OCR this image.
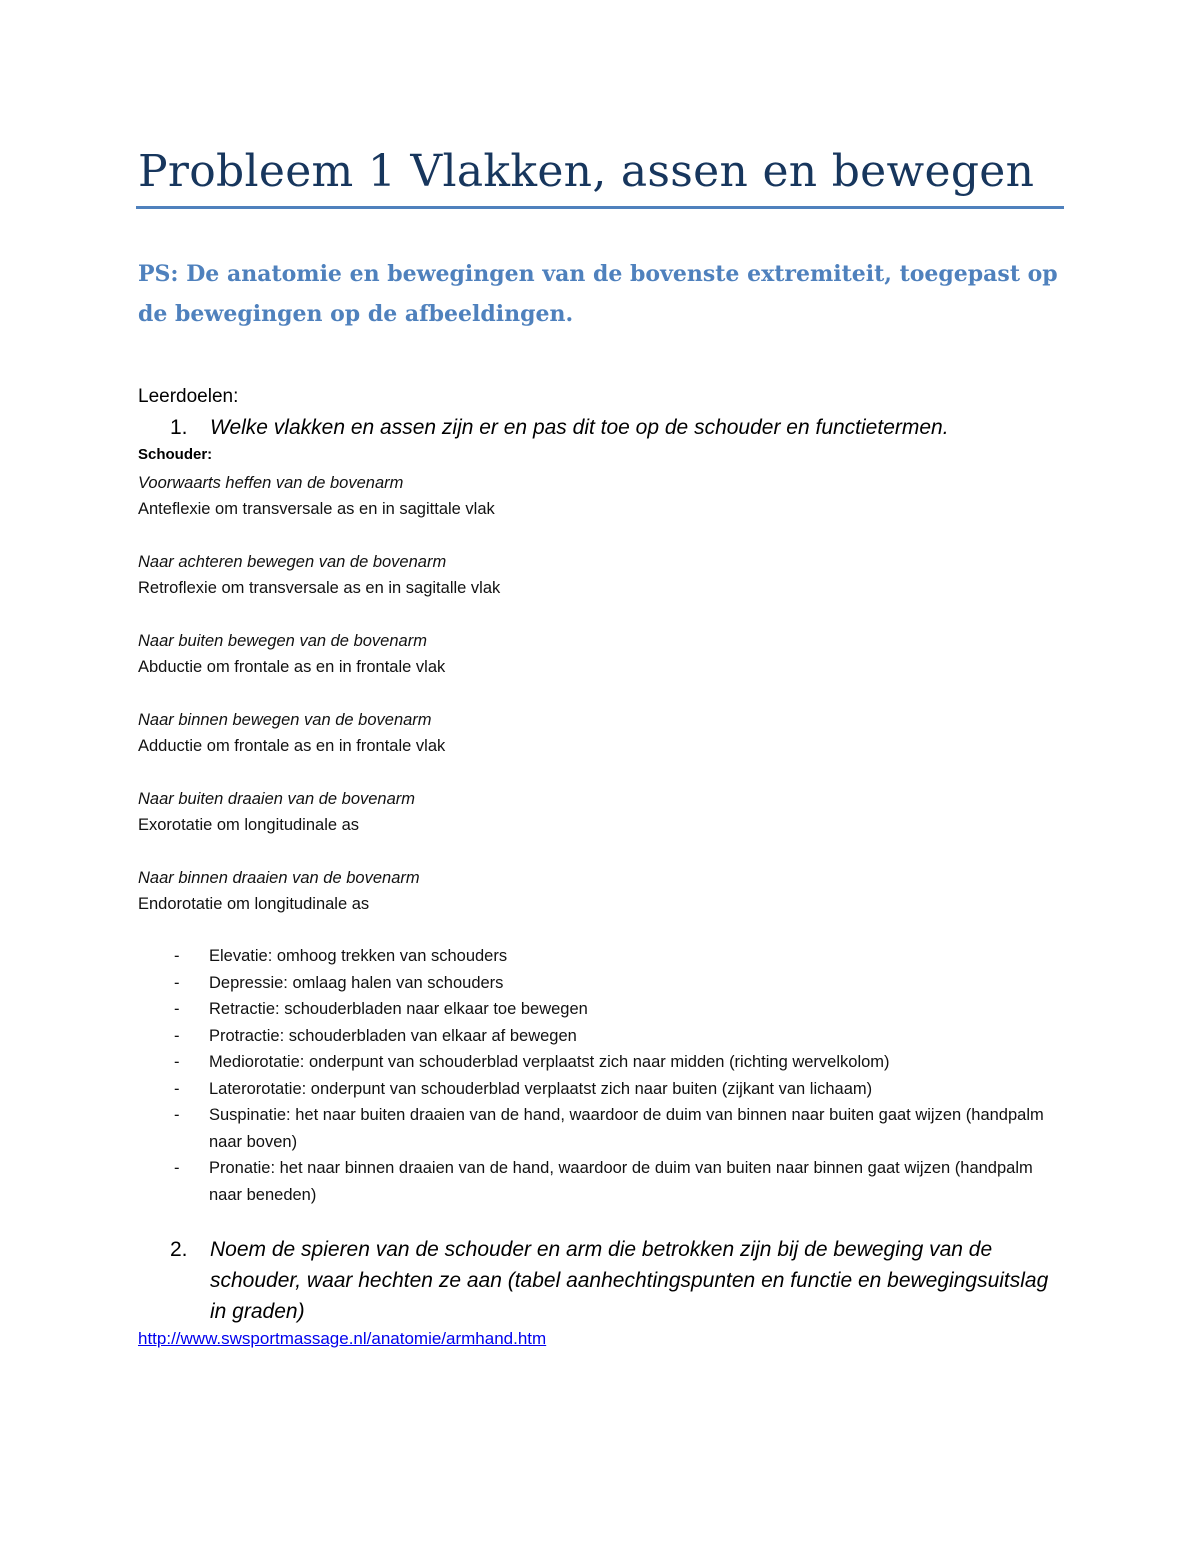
Probleem 1 Vlakken, assen en bewegen
PS: De anatomie en bewegingen van de bovenste extremiteit, toegepast op de bewegingen op de afbeeldingen.
Leerdoelen:
1. Welke vlakken en assen zijn er en pas dit toe op de schouder en functietermen.
Schouder:
Voorwaarts heffen van de bovenarm
Anteflexie om transversale as en in sagittale vlak
Naar achteren bewegen van de bovenarm
Retroflexie om transversale as en in sagitalle vlak
Naar buiten bewegen van de bovenarm
Abductie om frontale as en in frontale vlak
Naar binnen bewegen van de bovenarm
Adductie om frontale as en in frontale vlak
Naar buiten draaien van de bovenarm
Exorotatie om longitudinale as
Naar binnen draaien van de bovenarm
Endorotatie om longitudinale as
- Elevatie: omhoog trekken van schouders
- Depressie: omlaag halen van schouders
- Retractie: schouderbladen naar elkaar toe bewegen
- Protractie: schouderbladen van elkaar af bewegen
- Mediorotatie: onderpunt van schouderblad verplaatst zich naar midden (richting wervelkolom)
- Laterorotatie: onderpunt van schouderblad verplaatst zich naar buiten (zijkant van lichaam)
- Suspinatie: het naar buiten draaien van de hand, waardoor de duim van binnen naar buiten gaat wijzen (handpalm naar boven)
- Pronatie: het naar binnen draaien van de hand, waardoor de duim van buiten naar binnen gaat wijzen (handpalm naar beneden)
2. Noem de spieren van de schouder en arm die betrokken zijn bij de beweging van de schouder, waar hechten ze aan (tabel aanhechtingspunten en functie en bewegingsuitslag in graden)
http://www.swsportmassage.nl/anatomie/armhand.htm
